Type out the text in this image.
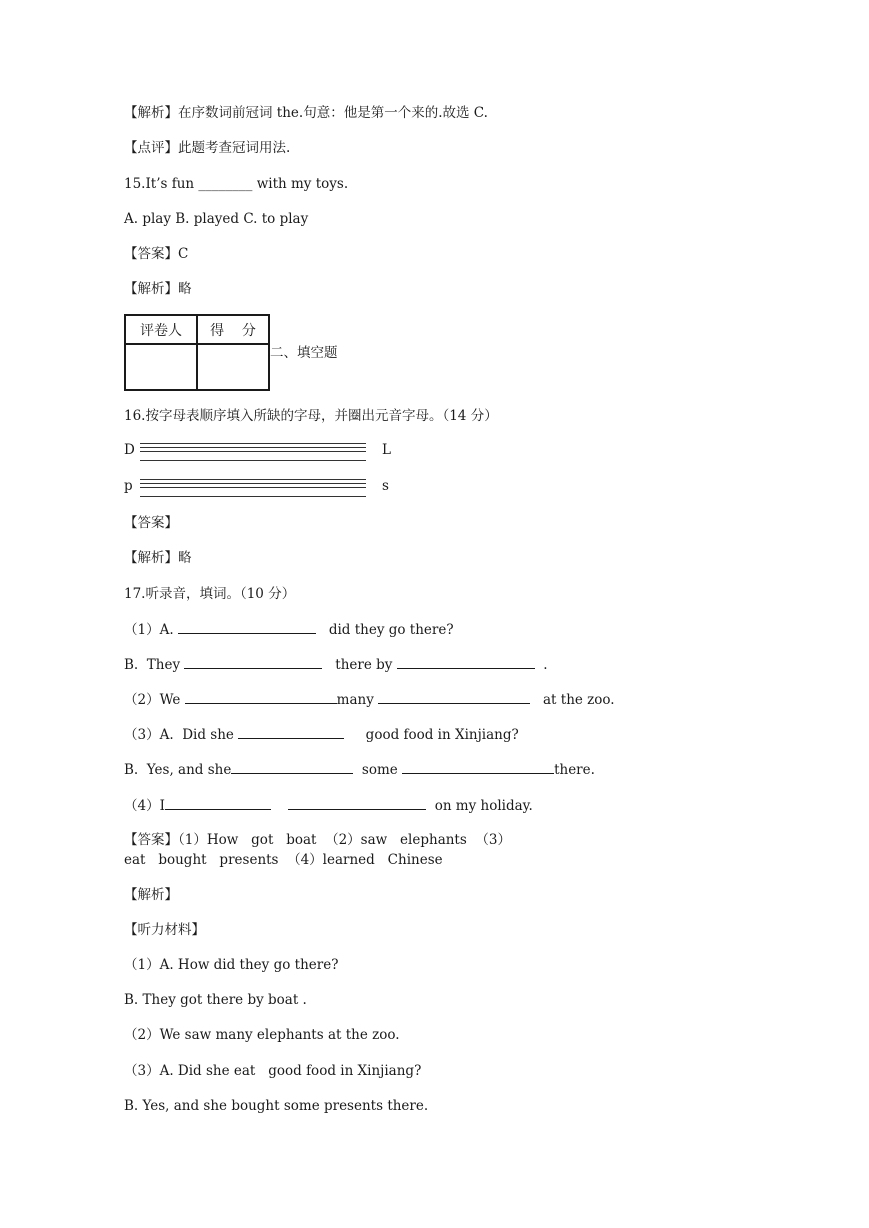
【解析】在序数词前冠词 the.句意：他是第一个来的.故选 C.
【点评】此题考查冠词用法.
15.It’s fun ________ with my toys.
A. play B. played C. to play
【答案】C
【解析】略
评卷人	得    分

二、填空题
16.按字母表顺序填入所缺的字母，并圈出元音字母。（14 分）
D	L
p	s
【答案】
【解析】略
17.听录音，填词。（10 分）
（1）A.	did they go there?
B.  They	there by	.
（2）We	many	at the zoo.
（3）A.  Did she	good food in Xinjiang?
B.  Yes, and she	some	there.
（4）I	on my holiday.
【答案】（1）How   got   boat  （2）saw   elephants  （3）
eat   bought   presents  （4）learned   Chinese
【解析】
【听力材料】
（1）A. How did they go there?
B. They got there by boat .
（2）We saw many elephants at the zoo.
（3）A. Did she eat   good food in Xinjiang?
B. Yes, and she bought some presents there.
